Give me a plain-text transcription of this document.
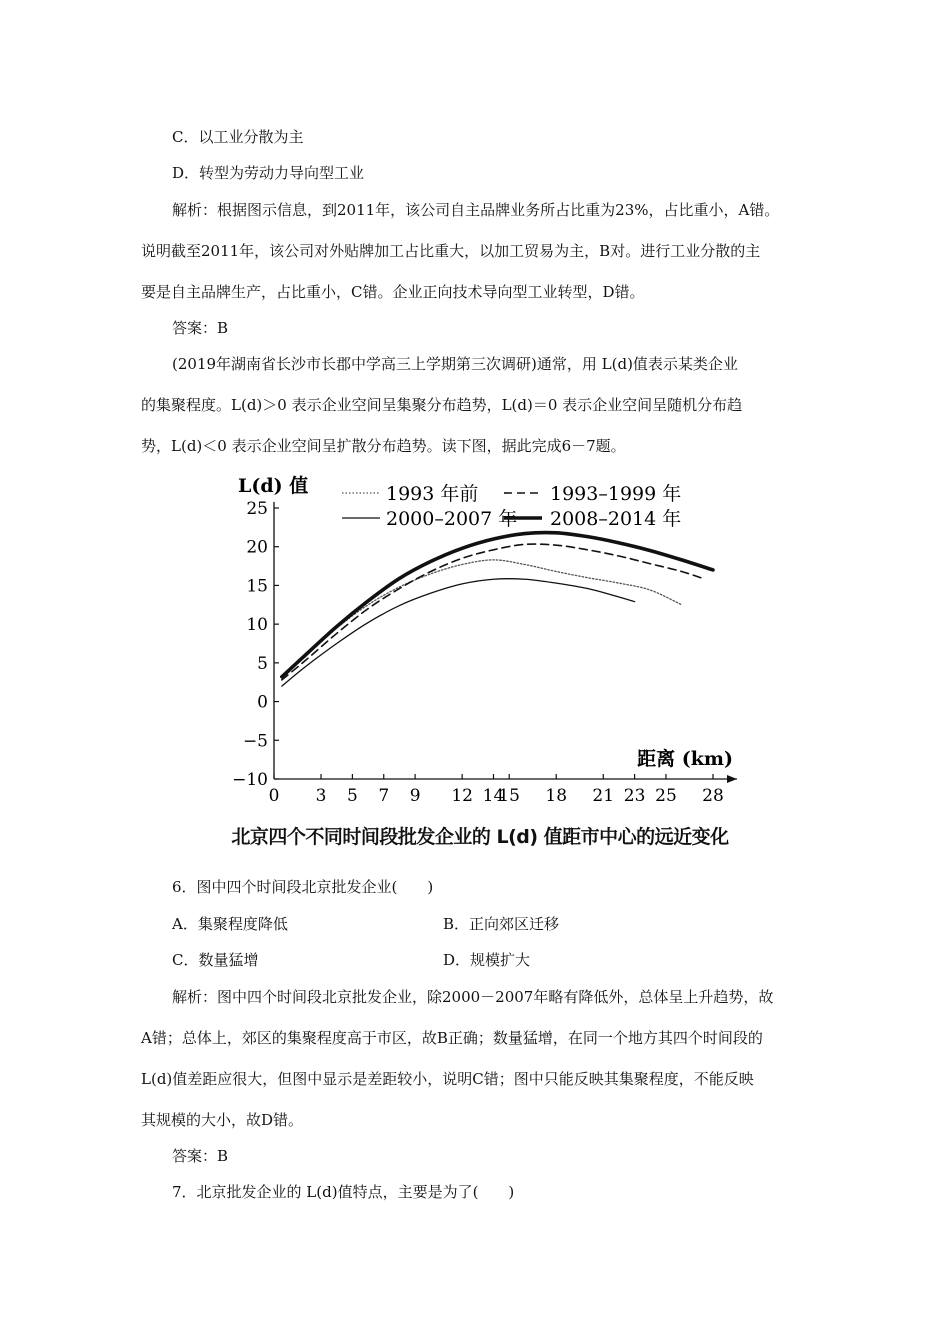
C．以工业分散为主
D．转型为劳动力导向型工业
解析：根据图示信息，到2011年，该公司自主品牌业务所占比重为23%，占比重小，A错。
说明截至2011年，该公司对外贴牌加工占比重大，以加工贸易为主，B对。进行工业分散的主
要是自主品牌生产，占比重小，C错。企业正向技术导向型工业转型，D错。
答案：B
(2019年湖南省长沙市长郡中学高三上学期第三次调研)通常，用 L(d)值表示某类企业
的集聚程度。L(d)＞0 表示企业空间呈集聚分布趋势，L(d)＝0 表示企业空间呈随机分布趋
势，L(d)＜0 表示企业空间呈扩散分布趋势。读下图，据此完成6－7题。
−10
−5
0
5
10
15
20
25
0 3 5 7 9 12 14
15 18 21 23 25 28
L(d) 值
距离 (km)
1993 年前	1993–1999 年
2000–2007 年 2008–2014 年
北京四个不同时间段批发企业的 L(d) 值距市中心的远近变化
6．图中四个时间段北京批发企业(　　)
A．集聚程度降低	B．正向郊区迁移
C．数量猛增	D．规模扩大
解析：图中四个时间段北京批发企业，除2000－2007年略有降低外，总体呈上升趋势，故
A错；总体上，郊区的集聚程度高于市区，故B正确；数量猛增，在同一个地方其四个时间段的
L(d)值差距应很大，但图中显示是差距较小，说明C错；图中只能反映其集聚程度，不能反映
其规模的大小，故D错。
答案：B
7．北京批发企业的 L(d)值特点，主要是为了(　　)
